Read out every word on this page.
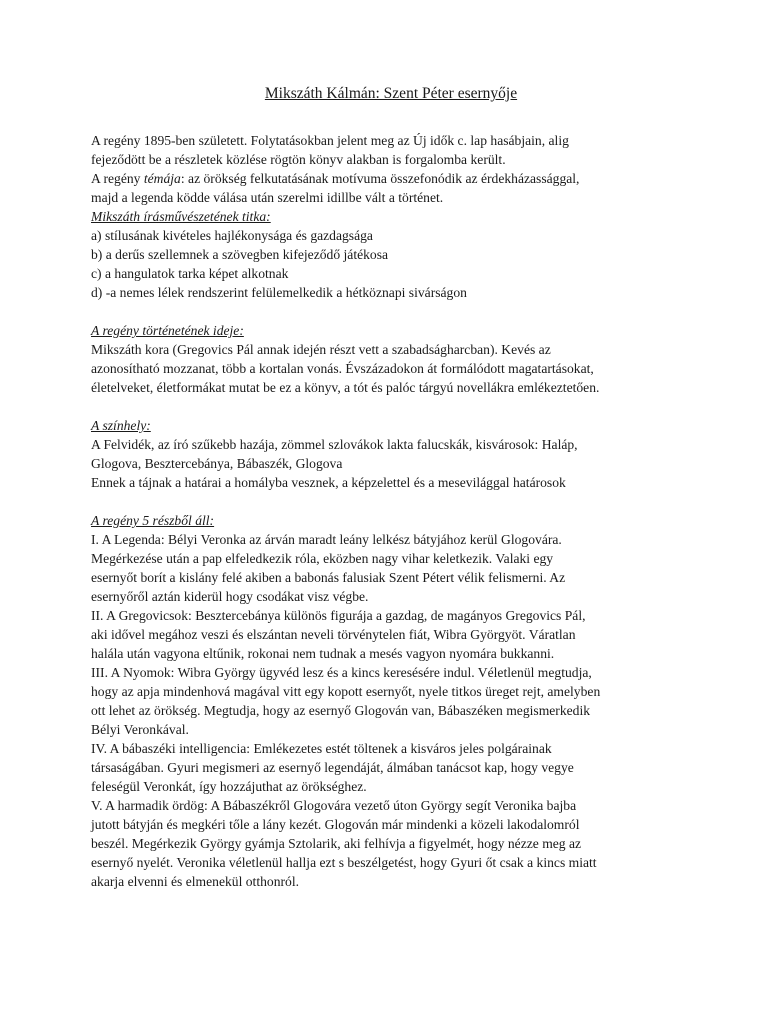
Mikszáth Kálmán: Szent Péter esernyője
A regény 1895-ben született. Folytatásokban jelent meg az Új idők c. lap hasábjain, alig
fejeződött be a részletek közlése rögtön könyv alakban is forgalomba került.
A regény témája: az örökség felkutatásának motívuma összefonódik az érdekházassággal,
majd a legenda ködde válása után szerelmi idillbe vált a történet.
Mikszáth írásművészetének titka:
a) stílusának kivételes hajlékonysága és gazdagsága
b) a derűs szellemnek a szövegben kifejeződő játékosa
c) a hangulatok tarka képet alkotnak
d) -a nemes lélek rendszerint felülemelkedik a hétköznapi sivárságon
A regény történetének ideje:
Mikszáth kora (Gregovics Pál annak idején részt vett a szabadságharcban). Kevés az
azonosítható mozzanat, több a kortalan vonás. Évszázadokon át formálódott magatartásokat,
életelveket, életformákat mutat be ez a könyv, a tót és palóc tárgyú novellákra emlékeztetően.
A színhely:
A Felvidék, az író szűkebb hazája, zömmel szlovákok lakta falucskák, kisvárosok: Haláp,
Glogova, Besztercebánya, Bábaszék, Glogova
Ennek a tájnak a határai a homályba vesznek, a képzelettel és a mesevilággal határosok
A regény 5 részből áll:
I. A Legenda: Bélyi Veronka az árván maradt leány lelkész bátyjához kerül Glogovára.
Megérkezése után a pap elfeledkezik róla, eközben nagy vihar keletkezik. Valaki egy
esernyőt borít a kislány felé akiben a babonás falusiak Szent Pétert vélik felismerni. Az
esernyőről aztán kiderül hogy csodákat visz végbe.
II. A Gregovicsok: Besztercebánya különös figurája a gazdag, de magányos Gregovics Pál,
aki idővel megához veszi és elszántan neveli törvénytelen fiát, Wibra Györgyöt. Váratlan
halála után vagyona eltűnik, rokonai nem tudnak a mesés vagyon nyomára bukkanni.
III. A Nyomok: Wibra György ügyvéd lesz és a kincs keresésére indul. Véletlenül megtudja,
hogy az apja mindenhová magával vitt egy kopott esernyőt, nyele titkos üreget rejt, amelyben
ott lehet az örökség. Megtudja, hogy az esernyő Glogován van, Bábaszéken megismerkedik
Bélyi Veronkával.
IV. A bábaszéki intelligencia: Emlékezetes estét töltenek a kisváros jeles polgárainak
társaságában. Gyuri megismeri az esernyő legendáját, álmában tanácsot kap, hogy vegye
feleségül Veronkát, így hozzájuthat az örökséghez.
V. A harmadik ördög: A Bábaszékről Glogovára vezető úton György segít Veronika bajba
jutott bátyján és megkéri tőle a lány kezét. Glogován már mindenki a közeli lakodalomról
beszél. Megérkezik György gyámja Sztolarik, aki felhívja a figyelmét, hogy nézze meg az
esernyő nyelét. Veronika véletlenül hallja ezt s beszélgetést, hogy Gyuri őt csak a kincs miatt
akarja elvenni és elmenekül otthonról.
